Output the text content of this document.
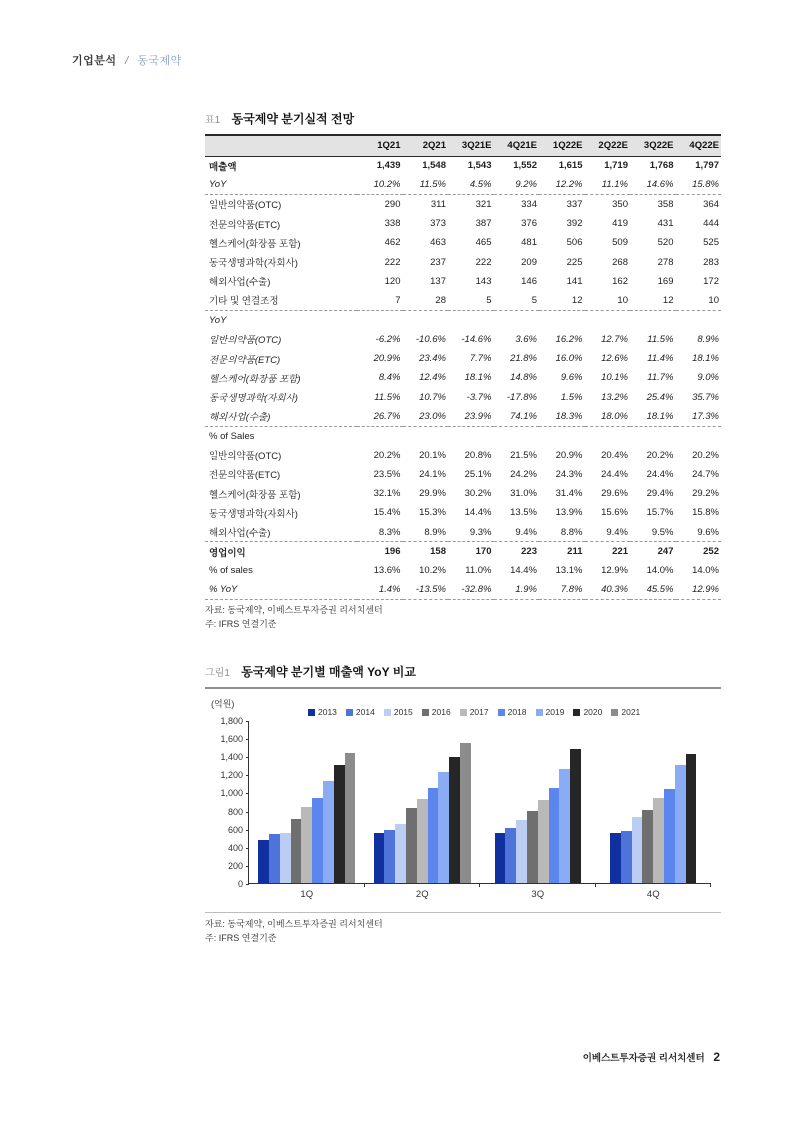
기업분석 / 동국제약
표1 동국제약 분기실적 전망
	1Q21	2Q21	3Q21E	4Q21E	1Q22E	2Q22E	3Q22E	4Q22E
매출액	1,439	1,548	1,543	1,552	1,615	1,719	1,768	1,797
YoY	10.2%	11.5%	4.5%	9.2%	12.2%	11.1%	14.6%	15.8%
일반의약품(OTC)	290	311	321	334	337	350	358	364
전문의약품(ETC)	338	373	387	376	392	419	431	444
헬스케어(화장품 포함)	462	463	465	481	506	509	520	525
동국생명과학(자회사)	222	237	222	209	225	268	278	283
해외사업(수출)	120	137	143	146	141	162	169	172
기타 및 연결조정	7	28	5	5	12	10	12	10
YoY								
일반의약품(OTC)	-6.2%	-10.6%	-14.6%	3.6%	16.2%	12.7%	11.5%	8.9%
전문의약품(ETC)	20.9%	23.4%	7.7%	21.8%	16.0%	12.6%	11.4%	18.1%
헬스케어(화장품 포함)	8.4%	12.4%	18.1%	14.8%	9.6%	10.1%	11.7%	9.0%
동국생명과학(자회사)	11.5%	10.7%	-3.7%	-17.8%	1.5%	13.2%	25.4%	35.7%
해외사업(수출)	26.7%	23.0%	23.9%	74.1%	18.3%	18.0%	18.1%	17.3%
% of Sales								
일반의약품(OTC)	20.2%	20.1%	20.8%	21.5%	20.9%	20.4%	20.2%	20.2%
전문의약품(ETC)	23.5%	24.1%	25.1%	24.2%	24.3%	24.4%	24.4%	24.7%
헬스케어(화장품 포함)	32.1%	29.9%	30.2%	31.0%	31.4%	29.6%	29.4%	29.2%
동국생명과학(자회사)	15.4%	15.3%	14.4%	13.5%	13.9%	15.6%	15.7%	15.8%
해외사업(수출)	8.3%	8.9%	9.3%	9.4%	8.8%	9.4%	9.5%	9.6%
영업이익	196	158	170	223	211	221	247	252
% of sales	13.6%	10.2%	11.0%	14.4%	13.1%	12.9%	14.0%	14.0%
% YoY	1.4%	-13.5%	-32.8%	1.9%	7.8%	40.3%	45.5%	12.9%
자료: 동국제약, 이베스트투자증권 리서치센터
주: IFRS 연결기준
그림1 동국제약 분기별 매출액 YoY 비교
(억원)
2013 2014 2015 2016 2017 2018 2019 2020 2021
0
200
400
600
800
1,000
1,200
1,400
1,600
1,800
1Q	2Q	3Q	4Q
자료: 동국제약, 이베스트투자증권 리서치센터
주: IFRS 연결기준
이베스트투자증권 리서치센터 2
